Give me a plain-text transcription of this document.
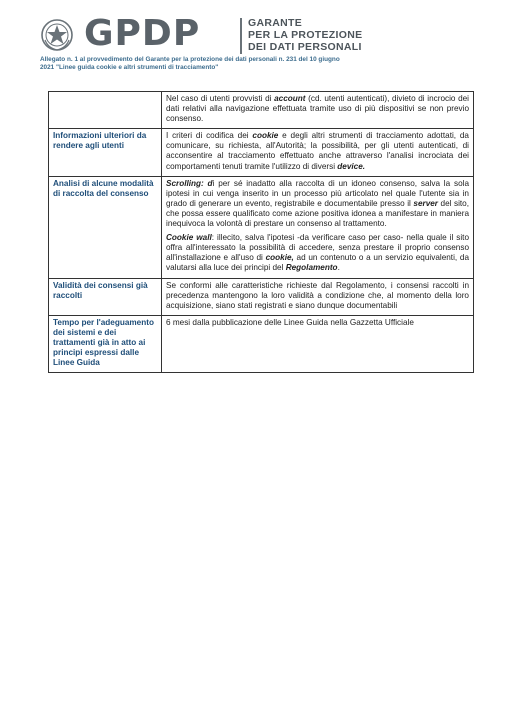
GPDP	GARANTE
PER LA PROTEZIONE
DEI DATI PERSONALI
Allegato n. 1 al provvedimento del Garante per la protezione dei dati personali n. 231 del 10 giugno
2021 "Linee guida cookie e altri strumenti di tracciamento"

	Nel caso di utenti provvisti di account (cd. utenti autenticati), divieto di incrocio dei dati relativi alla navigazione effettuata tramite uso di più dispositivi se non previo consenso.

Informazioni ulteriori da rendere agli utenti	I criteri di codifica dei cookie e degli altri strumenti di tracciamento adottati, da comunicare, su richiesta, all'Autorità; la possibilità, per gli utenti autenticati, di acconsentire al tracciamento effettuato anche attraverso l'analisi incrociata dei comportamenti tenuti tramite l'utilizzo di diversi device.

Analisi di alcune modalità di raccolta del consenso	Scrolling: di per sé inadatto alla raccolta di un idoneo consenso, salva la sola ipotesi in cui venga inserito in un processo più articolato nel quale l'utente sia in grado di generare un evento, registrabile e documentabile presso il server del sito, che possa essere qualificato come azione positiva idonea a manifestare in maniera inequivoca la volontà di prestare un consenso al trattamento.

Cookie wall: illecito, salva l'ipotesi -da verificare caso per caso- nella quale il sito offra all'interessato la possibilità di accedere, senza prestare il proprio consenso all'installazione e all'uso di cookie, ad un contenuto o a un servizio equivalenti, da valutarsi alla luce dei principi del Regolamento.

Validità dei consensi già raccolti	Se conformi alle caratteristiche richieste dal Regolamento, i consensi raccolti in precedenza mantengono la loro validità a condizione che, al momento della loro acquisizione, siano stati registrati e siano dunque documentabili

Tempo per l'adeguamento dei sistemi e dei trattamenti già in atto ai principi espressi dalle Linee Guida	6 mesi dalla pubblicazione delle Linee Guida nella Gazzetta Ufficiale
